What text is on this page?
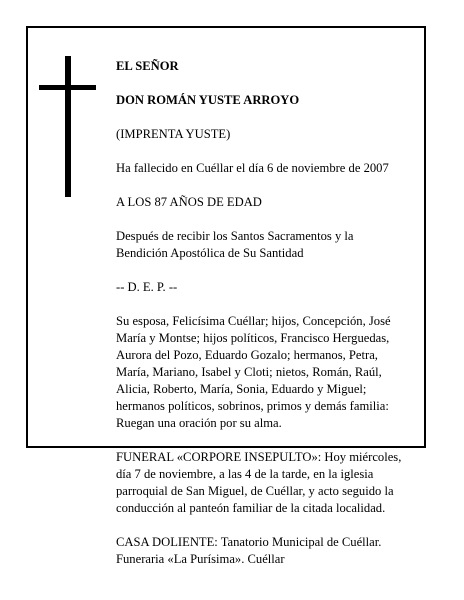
EL SEÑOR

DON ROMÁN YUSTE ARROYO

(IMPRENTA YUSTE)

Ha fallecido en Cuéllar el día 6 de noviembre de 2007

A LOS 87 AÑOS DE EDAD

Después de recibir los Santos Sacramentos y la
Bendición Apostólica de Su Santidad

-- D. E. P. --

Su esposa, Felicísima Cuéllar; hijos, Concepción, José
María y Montse; hijos políticos, Francisco Herguedas,
Aurora del Pozo, Eduardo Gozalo; hermanos, Petra,
María, Mariano, Isabel y Cloti; nietos, Román, Raúl,
Alicia, Roberto, María, Sonia, Eduardo y Miguel;
hermanos políticos, sobrinos, primos y demás familia:
Ruegan una oración por su alma.

FUNERAL «CORPORE INSEPULTO»: Hoy miércoles,
día 7 de noviembre, a las 4 de la tarde, en la iglesia
parroquial de San Miguel, de Cuéllar, y acto seguido la
conducción al panteón familiar de la citada localidad.

CASA DOLIENTE: Tanatorio Municipal de Cuéllar.
Funeraria «La Purísima». Cuéllar
